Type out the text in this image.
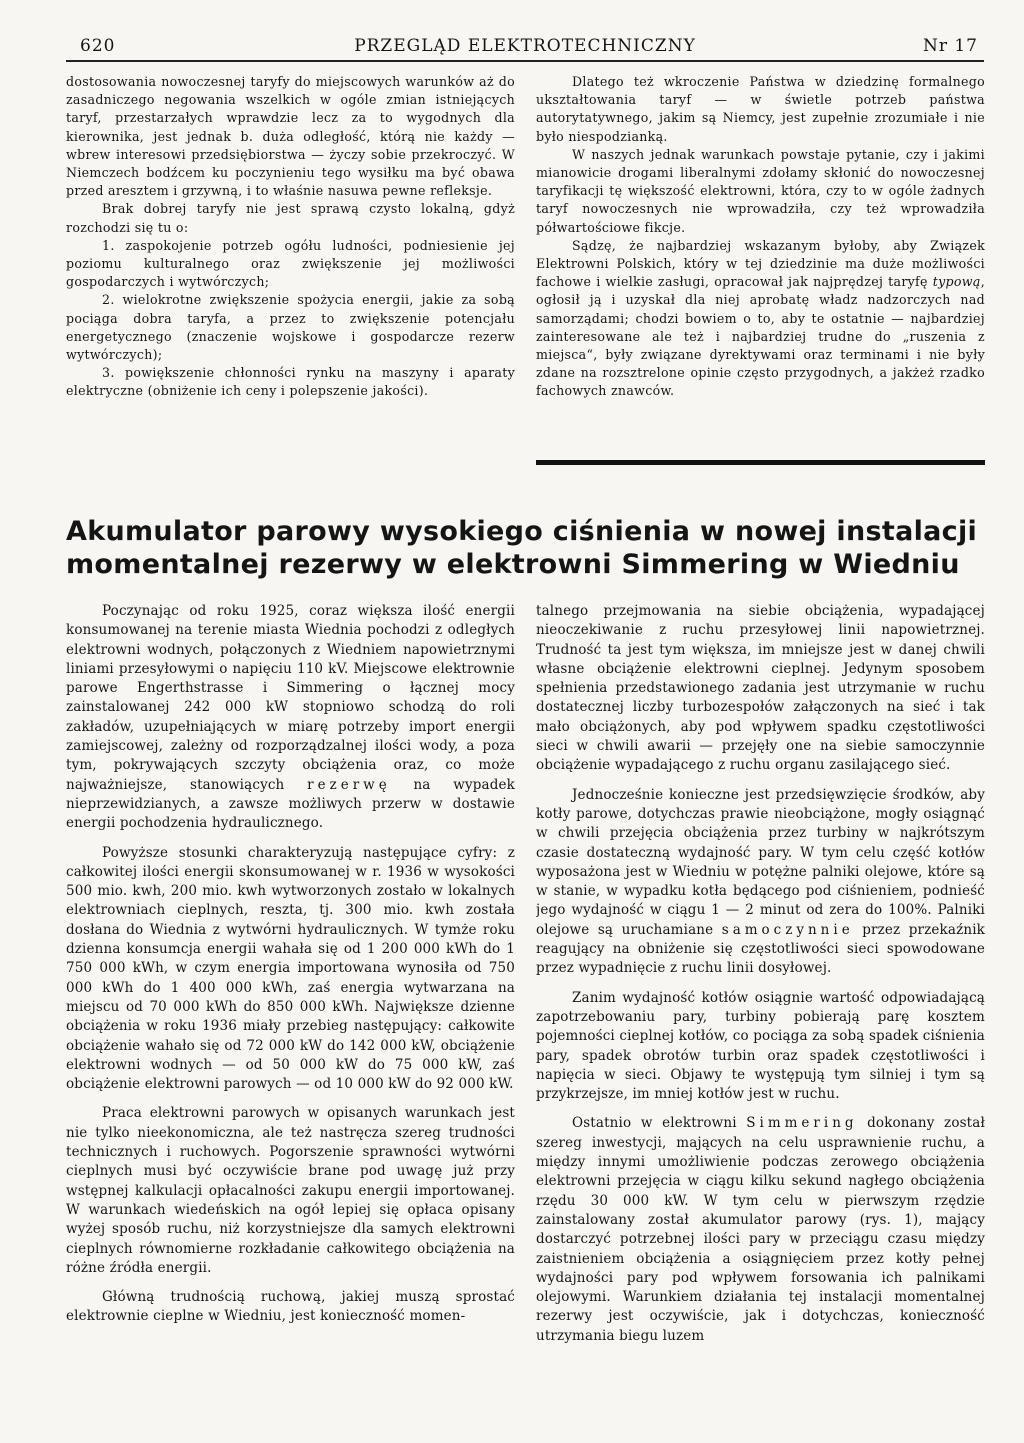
620	PRZEGLĄD ELEKTROTECHNICZNY	Nr 17

dostosowania nowoczesnej taryfy do miejscowych warunków aż do zasadniczego negowania wszelkich w ogóle zmian istniejących taryf, przestarzałych wprawdzie lecz za to wygodnych dla kierownika, jest jednak b. duża odległość, którą nie każdy — wbrew interesowi przedsiębiorstwa — życzy sobie przekroczyć. W Niemczech bodźcem ku poczynieniu tego wysiłku ma być obawa przed aresztem i grzywną, i to właśnie nasuwa pewne refleksje.

Brak dobrej taryfy nie jest sprawą czysto lokalną, gdyż rozchodzi się tu o:

1. zaspokojenie potrzeb ogółu ludności, podniesienie jej poziomu kulturalnego oraz zwiększenie jej możliwości gospodarczych i wytwórczych;

2. wielokrotne zwiększenie spożycia energii, jakie za sobą pociąga dobra taryfa, a przez to zwiększenie potencjału energetycznego (znaczenie wojskowe i gospodarcze rezerw wytwórczych);

3. powiększenie chłonności rynku na maszyny i aparaty elektryczne (obniżenie ich ceny i polepszenie jakości).

Dlatego też wkroczenie Państwa w dziedzinę formalnego ukształtowania taryf — w świetle potrzeb państwa autorytatywnego, jakim są Niemcy, jest zupełnie zrozumiałe i nie było niespodzianką.

W naszych jednak warunkach powstaje pytanie, czy i jakimi mianowicie drogami liberalnymi zdołamy skłonić do nowoczesnej taryfikacji tę większość elektrowni, która, czy to w ogóle żadnych taryf nowoczesnych nie wprowadziła, czy też wprowadziła półwartościowe fikcje.

Sądzę, że najbardziej wskazanym byłoby, aby Związek Elektrowni Polskich, który w tej dziedzinie ma duże możliwości fachowe i wielkie zasługi, opracował jak najprędzej taryfę typową, ogłosił ją i uzyskał dla niej aprobatę władz nadzorczych nad samorządami; chodzi bowiem o to, aby te ostatnie — najbardziej zainteresowane ale też i najbardziej trudne do „ruszenia z miejsca“, były związane dyrektywami oraz terminami i nie były zdane na rozsztrelone opinie często przygodnych, a jakżeż rzadko fachowych znawców.

Akumulator parowy wysokiego ciśnienia w nowej instalacji
momentalnej rezerwy w elektrowni Simmering w Wiedniu

Poczynając od roku 1925, coraz większa ilość energii konsumowanej na terenie miasta Wiednia pochodzi z odległych elektrowni wodnych, połączonych z Wiedniem napowietrznymi liniami przesyłowymi o napięciu 110 kV. Miejscowe elektrownie parowe Engerthstrasse i Simmering o łącznej mocy zainstalowanej 242 000 kW stopniowo schodzą do roli zakładów, uzupełniających w miarę potrzeby import energii zamiejscowej, zależny od rozporządzalnej ilości wody, a poza tym, pokrywających szczyty obciążenia oraz, co może najważniejsze, stanowiących rezerwę na wypadek nieprzewidzianych, a zawsze możliwych przerw w dostawie energii pochodzenia hydraulicznego.

Powyższe stosunki charakteryzują następujące cyfry: z całkowitej ilości energii skonsumowanej w r. 1936 w wysokości 500 mio. kwh, 200 mio. kwh wytworzonych zostało w lokalnych elektrowniach cieplnych, reszta, tj. 300 mio. kwh została dosłana do Wiednia z wytwórni hydraulicznych. W tymże roku dzienna konsumcja energii wahała się od 1 200 000 kWh do 1 750 000 kWh, w czym energia importowana wynosiła od 750 000 kWh do 1 400 000 kWh, zaś energia wytwarzana na miejscu od 70 000 kWh do 850 000 kWh. Największe dzienne obciążenia w roku 1936 miały przebieg następujący: całkowite obciążenie wahało się od 72 000 kW do 142 000 kW, obciążenie elektrowni wodnych — od 50 000 kW do 75 000 kW, zaś obciążenie elektrowni parowych — od 10 000 kW do 92 000 kW.

Praca elektrowni parowych w opisanych warunkach jest nie tylko nieekonomiczna, ale też nastręcza szereg trudności technicznych i ruchowych. Pogorszenie sprawności wytwórni cieplnych musi być oczywiście brane pod uwagę już przy wstępnej kalkulacji opłacalności zakupu energii importowanej. W warunkach wiedeńskich na ogół lepiej się opłaca opisany wyżej sposób ruchu, niż korzystniejsze dla samych elektrowni cieplnych równomierne rozkładanie całkowitego obciążenia na różne źródła energii.

Główną trudnością ruchową, jakiej muszą sprostać elektrownie cieplne w Wiedniu, jest konieczność momen-

talnego przejmowania na siebie obciążenia, wypadającej nieoczekiwanie z ruchu przesyłowej linii napowietrznej. Trudność ta jest tym większa, im mniejsze jest w danej chwili własne obciążenie elektrowni cieplnej. Jedynym sposobem spełnienia przedstawionego zadania jest utrzymanie w ruchu dostatecznej liczby turbozespołów załączonych na sieć i tak mało obciążonych, aby pod wpływem spadku częstotliwości sieci w chwili awarii — przejęły one na siebie samoczynnie obciążenie wypadającego z ruchu organu zasilającego sieć.

Jednocześnie konieczne jest przedsięwzięcie środków, aby kotły parowe, dotychczas prawie nieobciążone, mogły osiągnąć w chwili przejęcia obciążenia przez turbiny w najkrótszym czasie dostateczną wydajność pary. W tym celu część kotłów wyposażona jest w Wiedniu w potężne palniki olejowe, które są w stanie, w wypadku kotła będącego pod ciśnieniem, podnieść jego wydajność w ciągu 1 — 2 minut od zera do 100%. Palniki olejowe są uruchamiane samoczynnie przez przekaźnik reagujący na obniżenie się częstotliwości sieci spowodowane przez wypadnięcie z ruchu linii dosyłowej.

Zanim wydajność kotłów osiągnie wartość odpowiadającą zapotrzebowaniu pary, turbiny pobierają parę kosztem pojemności cieplnej kotłów, co pociąga za sobą spadek ciśnienia pary, spadek obrotów turbin oraz spadek częstotliwości i napięcia w sieci. Objawy te występują tym silniej i tym są przykrzejsze, im mniej kotłów jest w ruchu.

Ostatnio w elektrowni Simmering dokonany został szereg inwestycji, mających na celu usprawnienie ruchu, a między innymi umożliwienie podczas zerowego obciążenia elektrowni przejęcia w ciągu kilku sekund nagłego obciążenia rzędu 30 000 kW. W tym celu w pierwszym rzędzie zainstalowany został akumulator parowy (rys. 1), mający dostarczyć potrzebnej ilości pary w przeciągu czasu między zaistnieniem obciążenia a osiągnięciem przez kotły pełnej wydajności pary pod wpływem forsowania ich palnikami olejowymi. Warunkiem działania tej instalacji momentalnej rezerwy jest oczywiście, jak i dotychczas, konieczność utrzymania biegu luzem
